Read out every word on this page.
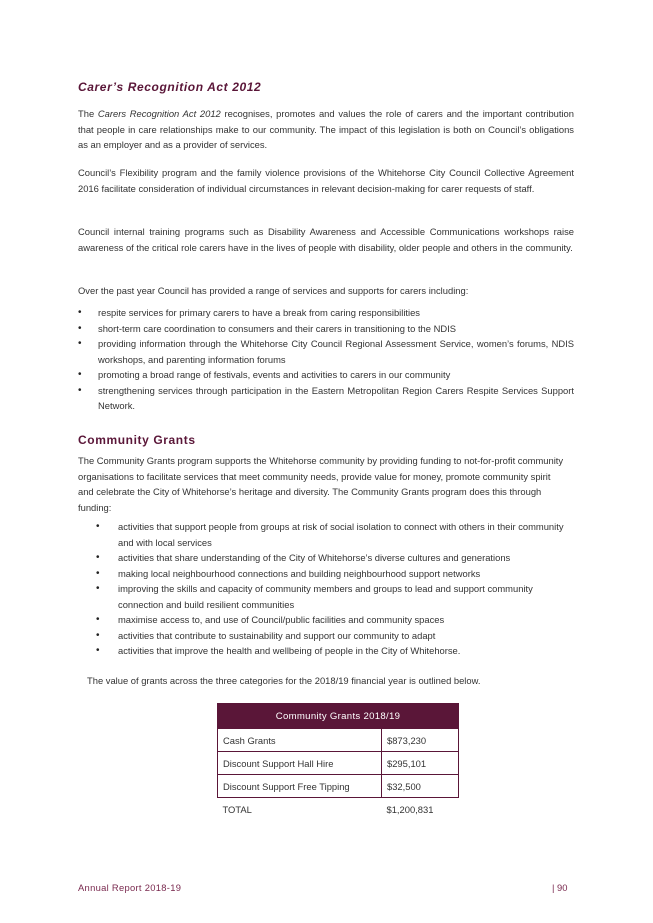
Carer’s Recognition Act 2012
The Carers Recognition Act 2012 recognises, promotes and values the role of carers and the important contribution that people in care relationships make to our community. The impact of this legislation is both on Council’s obligations as an employer and as a provider of services.
Council’s Flexibility program and the family violence provisions of the Whitehorse City Council Collective Agreement 2016 facilitate consideration of individual circumstances in relevant decision-making for carer requests of staff.
Council internal training programs such as Disability Awareness and Accessible Communications workshops raise awareness of the critical role carers have in the lives of people with disability, older people and others in the community.
Over the past year Council has provided a range of services and supports for carers including:
• respite services for primary carers to have a break from caring responsibilities
• short-term care coordination to consumers and their carers in transitioning to the NDIS
• providing information through the Whitehorse City Council Regional Assessment Service, women’s forums, NDIS workshops, and parenting information forums
• promoting a broad range of festivals, events and activities to carers in our community
• strengthening services through participation in the Eastern Metropolitan Region Carers Respite Services Support Network.
Community Grants
The Community Grants program supports the Whitehorse community by providing funding to not-for-profit community organisations to facilitate services that meet community needs, provide value for money, promote community spirit and celebrate the City of Whitehorse’s heritage and diversity. The Community Grants program does this through funding:
• activities that support people from groups at risk of social isolation to connect with others in their community and with local services
• activities that share understanding of the City of Whitehorse’s diverse cultures and generations
• making local neighbourhood connections and building neighbourhood support networks
• improving the skills and capacity of community members and groups to lead and support community connection and build resilient communities
• maximise access to, and use of Council/public facilities and community spaces
• activities that contribute to sustainability and support our community to adapt
• activities that improve the health and wellbeing of people in the City of Whitehorse.
The value of grants across the three categories for the 2018/19 financial year is outlined below.
Community Grants 2018/19	
Cash Grants	$873,230
Discount Support Hall Hire	$295,101
Discount Support Free Tipping	$32,500
TOTAL	$1,200,831
Annual Report 2018-19	| 90
